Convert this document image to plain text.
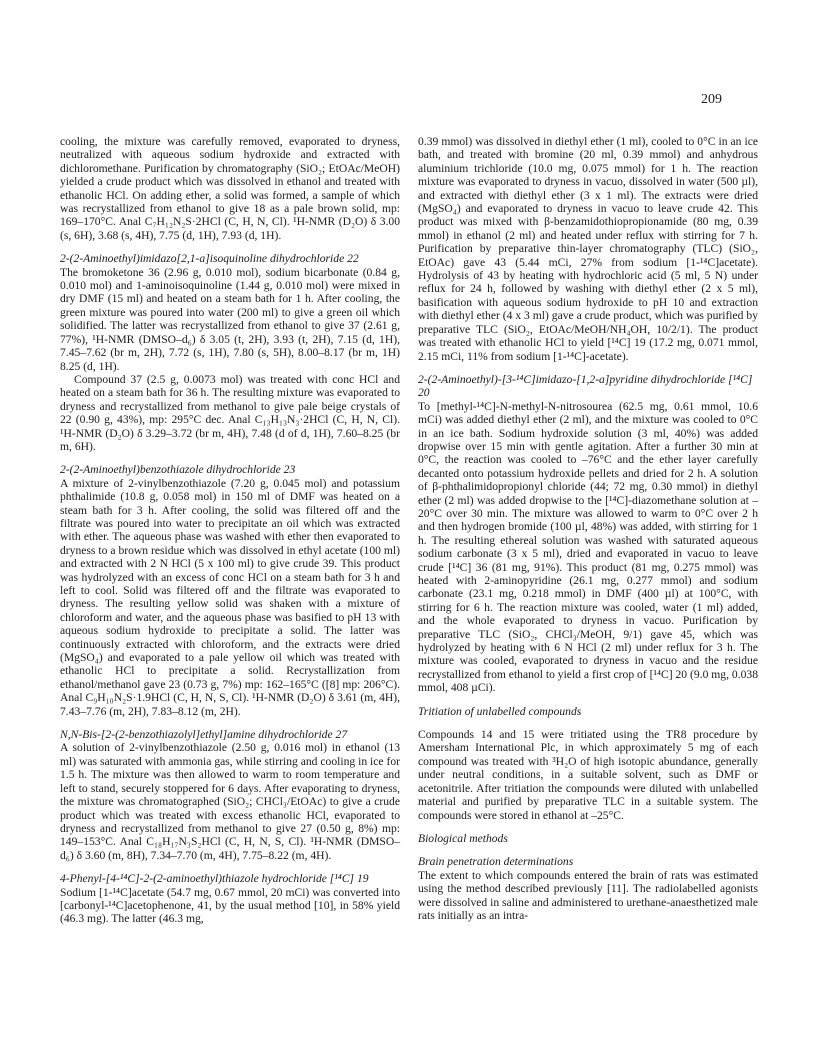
209

cooling, the mixture was carefully removed, evaporated to dryness, neutralized with aqueous sodium hydroxide and extracted with dichloromethane. Purification by chromatography (SiO₂; EtOAc/MeOH) yielded a crude product which was dissolved in ethanol and treated with ethanolic HCl. On adding ether, a solid was formed, a sample of which was recrystallized from ethanol to give 18 as a pale brown solid, mp: 169–170°C. Anal C₇H₁₂N₂S·2HCl (C, H, N, Cl). ¹H-NMR (D₂O) δ 3.00 (s, 6H), 3.68 (s, 4H), 7.75 (d, 1H), 7.93 (d, 1H).

2-(2-Aminoethyl)imidazo[2,1-a]isoquinoline dihydrochloride 22

The bromoketone 36 (2.96 g, 0.010 mol), sodium bicarbonate (0.84 g, 0.010 mol) and 1-aminoisoquinoline (1.44 g, 0.010 mol) were mixed in dry DMF (15 ml) and heated on a steam bath for 1 h. After cooling, the green mixture was poured into water (200 ml) to give a green oil which solidified. The latter was recrystallized from ethanol to give 37 (2.61 g, 77%), ¹H-NMR (DMSO–d₆) δ 3.05 (t, 2H), 3.93 (t, 2H), 7.15 (d, 1H), 7.45–7.62 (br m, 2H), 7.72 (s, 1H), 7.80 (s, 5H), 8.00–8.17 (br m, 1H) 8.25 (d, 1H).

Compound 37 (2.5 g, 0.0073 mol) was treated with conc HCl and heated on a steam bath for 36 h. The resulting mixture was evaporated to dryness and recrystallized from methanol to give pale beige crystals of 22 (0.90 g, 43%), mp: 295°C dec. Anal C₁₃H₁₃N₃·2HCl (C, H, N, Cl). ¹H-NMR (D₂O) δ 3.29–3.72 (br m, 4H), 7.48 (d of d, 1H), 7.60–8.25 (br m, 6H).

2-(2-Aminoethyl)benzothiazole dihydrochloride 23

A mixture of 2-vinylbenzothiazole (7.20 g, 0.045 mol) and potassium phthalimide (10.8 g, 0.058 mol) in 150 ml of DMF was heated on a steam bath for 3 h. After cooling, the solid was filtered off and the filtrate was poured into water to precipitate an oil which was extracted with ether. The aqueous phase was washed with ether then evaporated to dryness to a brown residue which was dissolved in ethyl acetate (100 ml) and extracted with 2 N HCl (5 x 100 ml) to give crude 39. This product was hydrolyzed with an excess of conc HCl on a steam bath for 3 h and left to cool. Solid was filtered off and the filtrate was evaporated to dryness. The resulting yellow solid was shaken with a mixture of chloroform and water, and the aqueous phase was basified to pH 13 with aqueous sodium hydroxide to precipitate a solid. The latter was continuously extracted with chloroform, and the extracts were dried (MgSO₄) and evaporated to a pale yellow oil which was treated with ethanolic HCl to precipitate a solid. Recrystallization from ethanol/methanol gave 23 (0.73 g, 7%) mp: 162–165°C ([8] mp: 206°C). Anal C₉H₁₀N₂S·1.9HCl (C, H, N, S, Cl). ¹H-NMR (D₂O) δ 3.61 (m, 4H), 7.43–7.76 (m, 2H), 7.83–8.12 (m, 2H).

N,N-Bis-[2-(2-benzothiazolyl]ethyl]amine dihydrochloride 27

A solution of 2-vinylbenzothiazole (2.50 g, 0.016 mol) in ethanol (13 ml) was saturated with ammonia gas, while stirring and cooling in ice for 1.5 h. The mixture was then allowed to warm to room temperature and left to stand, securely stoppered for 6 days. After evaporating to dryness, the mixture was chromatographed (SiO₂; CHCl₃/EtOAc) to give a crude product which was treated with excess ethanolic HCl, evaporated to dryness and recrystallized from methanol to give 27 (0.50 g, 8%) mp: 149–153°C. Anal C₁₈H₁₇N₃S₂HCl (C, H, N, S, Cl). ¹H-NMR (DMSO–d₆) δ 3.60 (m, 8H), 7.34–7.70 (m, 4H), 7.75–8.22 (m, 4H).

4-Phenyl-[4-¹⁴C]-2-(2-aminoethyl)thiazole hydrochloride [¹⁴C] 19

Sodium [1-¹⁴C]acetate (54.7 mg, 0.67 mmol, 20 mCi) was converted into [carbonyl-¹⁴C]acetophenone, 41, by the usual method [10], in 58% yield (46.3 mg). The latter (46.3 mg,

0.39 mmol) was dissolved in diethyl ether (1 ml), cooled to 0°C in an ice bath, and treated with bromine (20 ml, 0.39 mmol) and anhydrous aluminium trichloride (10.0 mg, 0.075 mmol) for 1 h. The reaction mixture was evaporated to dryness in vacuo, dissolved in water (500 µl), and extracted with diethyl ether (3 x 1 ml). The extracts were dried (MgSO₄) and evaporated to dryness in vacuo to leave crude 42. This product was mixed with β-benzamidothiopropionamide (80 mg, 0.39 mmol) in ethanol (2 ml) and heated under reflux with stirring for 7 h. Purification by preparative thin-layer chromatography (TLC) (SiO₂, EtOAc) gave 43 (5.44 mCi, 27% from sodium [1-¹⁴C]acetate). Hydrolysis of 43 by heating with hydrochloric acid (5 ml, 5 N) under reflux for 24 h, followed by washing with diethyl ether (2 x 5 ml), basification with aqueous sodium hydroxide to pH 10 and extraction with diethyl ether (4 x 3 ml) gave a crude product, which was purified by preparative TLC (SiO₂, EtOAc/MeOH/NH₄OH, 10/2/1). The product was treated with ethanolic HCl to yield [¹⁴C] 19 (17.2 mg, 0.071 mmol, 2.15 mCi, 11% from sodium [1-¹⁴C]-acetate).

2-(2-Aminoethyl)-[3-¹⁴C]imidazo-[1,2-a]pyridine dihydrochloride [¹⁴C] 20

To [methyl-¹⁴C]-N-methyl-N-nitrosourea (62.5 mg, 0.61 mmol, 10.6 mCi) was added diethyl ether (2 ml), and the mixture was cooled to 0°C in an ice bath. Sodium hydroxide solution (3 ml, 40%) was added dropwise over 15 min with gentle agitation. After a further 30 min at 0°C, the reaction was cooled to –76°C and the ether layer carefully decanted onto potassium hydroxide pellets and dried for 2 h. A solution of β-phthalimidopropionyl chloride (44; 72 mg, 0.30 mmol) in diethyl ether (2 ml) was added dropwise to the [¹⁴C]-diazomethane solution at –20°C over 30 min. The mixture was allowed to warm to 0°C over 2 h and then hydrogen bromide (100 µl, 48%) was added, with stirring for 1 h. The resulting ethereal solution was washed with saturated aqueous sodium carbonate (3 x 5 ml), dried and evaporated in vacuo to leave crude [¹⁴C] 36 (81 mg, 91%). This product (81 mg, 0.275 mmol) was heated with 2-aminopyridine (26.1 mg, 0.277 mmol) and sodium carbonate (23.1 mg, 0.218 mmol) in DMF (400 µl) at 100°C, with stirring for 6 h. The reaction mixture was cooled, water (1 ml) added, and the whole evaporated to dryness in vacuo. Purification by preparative TLC (SiO₂, CHCl₃/MeOH, 9/1) gave 45, which was hydrolyzed by heating with 6 N HCl (2 ml) under reflux for 3 h. The mixture was cooled, evaporated to dryness in vacuo and the residue recrystallized from ethanol to yield a first crop of [¹⁴C] 20 (9.0 mg, 0.038 mmol, 408 µCi).

Tritiation of unlabelled compounds

Compounds 14 and 15 were tritiated using the TR8 procedure by Amersham International Plc, in which approximately 5 mg of each compound was treated with ³H₂O of high isotopic abundance, generally under neutral conditions, in a suitable solvent, such as DMF or acetonitrile. After tritiation the compounds were diluted with unlabelled material and purified by preparative TLC in a suitable system. The compounds were stored in ethanol at –25°C.

Biological methods
Brain penetration determinations

The extent to which compounds entered the brain of rats was estimated using the method described previously [11]. The radiolabelled agonists were dissolved in saline and administered to urethane-anaesthetized male rats initially as an intra-
